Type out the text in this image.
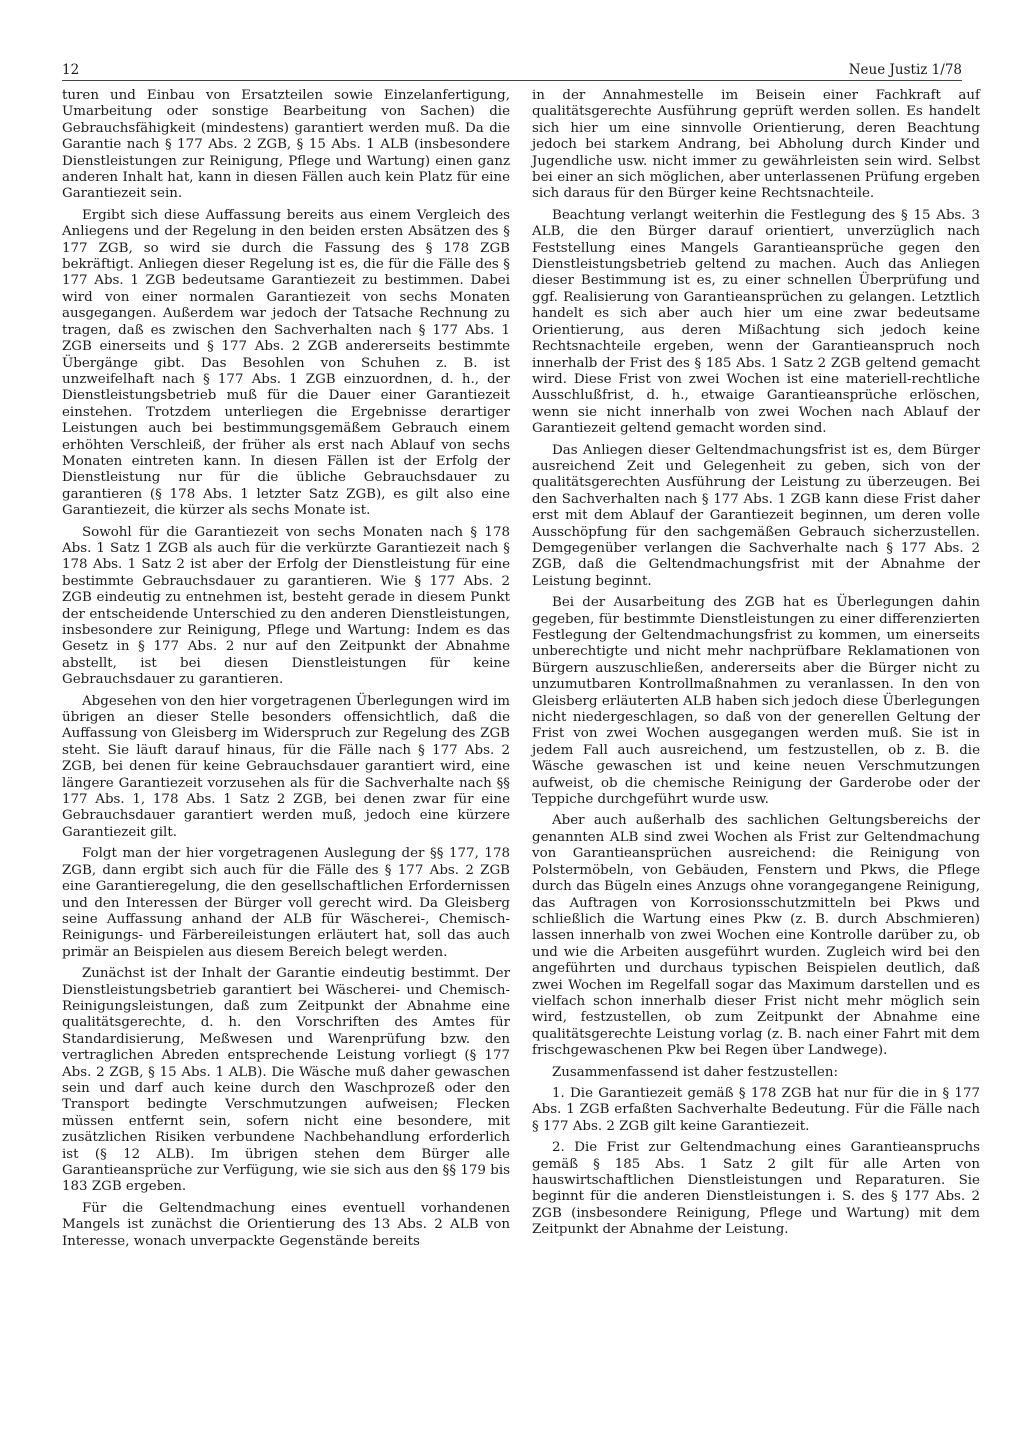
12	Neue Justiz 1/78

turen und Einbau von Ersatzteilen sowie Einzelanfertigung, Umarbeitung oder sonstige Bearbeitung von Sachen) die Gebrauchsfähigkeit (mindestens) garantiert werden muß. Da die Garantie nach § 177 Abs. 2 ZGB, § 15 Abs. 1 ALB (insbesondere Dienstleistungen zur Reinigung, Pflege und Wartung) einen ganz anderen Inhalt hat, kann in diesen Fällen auch kein Platz für eine Garantiezeit sein.

Ergibt sich diese Auffassung bereits aus einem Vergleich des Anliegens und der Regelung in den beiden ersten Absätzen des § 177 ZGB, so wird sie durch die Fassung des § 178 ZGB bekräftigt. Anliegen dieser Regelung ist es, die für die Fälle des § 177 Abs. 1 ZGB bedeutsame Garantiezeit zu bestimmen. Dabei wird von einer normalen Garantiezeit von sechs Monaten ausgegangen. Außerdem war jedoch der Tatsache Rechnung zu tragen, daß es zwischen den Sachverhalten nach § 177 Abs. 1 ZGB einerseits und § 177 Abs. 2 ZGB andererseits bestimmte Übergänge gibt. Das Besohlen von Schuhen z. B. ist unzweifelhaft nach § 177 Abs. 1 ZGB einzuordnen, d. h., der Dienstleistungsbetrieb muß für die Dauer einer Garantiezeit einstehen. Trotzdem unterliegen die Ergebnisse derartiger Leistungen auch bei bestimmungsgemäßem Gebrauch einem erhöhten Verschleiß, der früher als erst nach Ablauf von sechs Monaten eintreten kann. In diesen Fällen ist der Erfolg der Dienstleistung nur für die übliche Gebrauchsdauer zu garantieren (§ 178 Abs. 1 letzter Satz ZGB), es gilt also eine Garantiezeit, die kürzer als sechs Monate ist.

Sowohl für die Garantiezeit von sechs Monaten nach § 178 Abs. 1 Satz 1 ZGB als auch für die verkürzte Garantiezeit nach § 178 Abs. 1 Satz 2 ist aber der Erfolg der Dienstleistung für eine bestimmte Gebrauchsdauer zu garantieren. Wie § 177 Abs. 2 ZGB eindeutig zu entnehmen ist, besteht gerade in diesem Punkt der entscheidende Unterschied zu den anderen Dienstleistungen, insbesondere zur Reinigung, Pflege und Wartung: Indem es das Gesetz in § 177 Abs. 2 nur auf den Zeitpunkt der Abnahme abstellt, ist bei diesen Dienstleistungen für keine Gebrauchsdauer zu garantieren.

Abgesehen von den hier vorgetragenen Überlegungen wird im übrigen an dieser Stelle besonders offensichtlich, daß die Auffassung von Gleisberg im Widerspruch zur Regelung des ZGB steht. Sie läuft darauf hinaus, für die Fälle nach § 177 Abs. 2 ZGB, bei denen für keine Gebrauchsdauer garantiert wird, eine längere Garantiezeit vorzusehen als für die Sachverhalte nach §§ 177 Abs. 1, 178 Abs. 1 Satz 2 ZGB, bei denen zwar für eine Gebrauchsdauer garantiert werden muß, jedoch eine kürzere Garantiezeit gilt.

Folgt man der hier vorgetragenen Auslegung der §§ 177, 178 ZGB, dann ergibt sich auch für die Fälle des § 177 Abs. 2 ZGB eine Garantieregelung, die den gesellschaftlichen Erfordernissen und den Interessen der Bürger voll gerecht wird. Da Gleisberg seine Auffassung anhand der ALB für Wäscherei-, Chemisch-Reinigungs- und Färbereileistungen erläutert hat, soll das auch primär an Beispielen aus diesem Bereich belegt werden.

Zunächst ist der Inhalt der Garantie eindeutig bestimmt. Der Dienstleistungsbetrieb garantiert bei Wäscherei- und Chemisch-Reinigungsleistungen, daß zum Zeitpunkt der Abnahme eine qualitätsgerechte, d. h. den Vorschriften des Amtes für Standardisierung, Meßwesen und Warenprüfung bzw. den vertraglichen Abreden entsprechende Leistung vorliegt (§ 177 Abs. 2 ZGB, § 15 Abs. 1 ALB). Die Wäsche muß daher gewaschen sein und darf auch keine durch den Waschprozeß oder den Transport bedingte Verschmutzungen aufweisen; Flecken müssen entfernt sein, sofern nicht eine besondere, mit zusätzlichen Risiken verbundene Nachbehandlung erforderlich ist (§ 12 ALB). Im übrigen stehen dem Bürger alle Garantieansprüche zur Verfügung, wie sie sich aus den §§ 179 bis 183 ZGB ergeben.

Für die Geltendmachung eines eventuell vorhandenen Mangels ist zunächst die Orientierung des 13 Abs. 2 ALB von Interesse, wonach unverpackte Gegenstände bereits

in der Annahmestelle im Beisein einer Fachkraft auf qualitätsgerechte Ausführung geprüft werden sollen. Es handelt sich hier um eine sinnvolle Orientierung, deren Beachtung jedoch bei starkem Andrang, bei Abholung durch Kinder und Jugendliche usw. nicht immer zu gewährleisten sein wird. Selbst bei einer an sich möglichen, aber unterlassenen Prüfung ergeben sich daraus für den Bürger keine Rechtsnachteile.

Beachtung verlangt weiterhin die Festlegung des § 15 Abs. 3 ALB, die den Bürger darauf orientiert, unverzüglich nach Feststellung eines Mangels Garantieansprüche gegen den Dienstleistungsbetrieb geltend zu machen. Auch das Anliegen dieser Bestimmung ist es, zu einer schnellen Überprüfung und ggf. Realisierung von Garantieansprüchen zu gelangen. Letztlich handelt es sich aber auch hier um eine zwar bedeutsame Orientierung, aus deren Mißachtung sich jedoch keine Rechtsnachteile ergeben, wenn der Garantieanspruch noch innerhalb der Frist des § 185 Abs. 1 Satz 2 ZGB geltend gemacht wird. Diese Frist von zwei Wochen ist eine materiell-rechtliche Ausschlußfrist, d. h., etwaige Garantieansprüche erlöschen, wenn sie nicht innerhalb von zwei Wochen nach Ablauf der Garantiezeit geltend gemacht worden sind.

Das Anliegen dieser Geltendmachungsfrist ist es, dem Bürger ausreichend Zeit und Gelegenheit zu geben, sich von der qualitätsgerechten Ausführung der Leistung zu überzeugen. Bei den Sachverhalten nach § 177 Abs. 1 ZGB kann diese Frist daher erst mit dem Ablauf der Garantiezeit beginnen, um deren volle Ausschöpfung für den sachgemäßen Gebrauch sicherzustellen. Demgegenüber verlangen die Sachverhalte nach § 177 Abs. 2 ZGB, daß die Geltendmachungsfrist mit der Abnahme der Leistung beginnt.

Bei der Ausarbeitung des ZGB hat es Überlegungen dahin gegeben, für bestimmte Dienstleistungen zu einer differenzierten Festlegung der Geltendmachungsfrist zu kommen, um einerseits unberechtigte und nicht mehr nachprüfbare Reklamationen von Bürgern auszuschließen, andererseits aber die Bürger nicht zu unzumutbaren Kontrollmaßnahmen zu veranlassen. In den von Gleisberg erläuterten ALB haben sich jedoch diese Überlegungen nicht niedergeschlagen, so daß von der generellen Geltung der Frist von zwei Wochen ausgegangen werden muß. Sie ist in jedem Fall auch ausreichend, um festzustellen, ob z. B. die Wäsche gewaschen ist und keine neuen Verschmutzungen aufweist, ob die chemische Reinigung der Garderobe oder der Teppiche durchgeführt wurde usw.

Aber auch außerhalb des sachlichen Geltungsbereichs der genannten ALB sind zwei Wochen als Frist zur Geltendmachung von Garantieansprüchen ausreichend: die Reinigung von Polstermöbeln, von Gebäuden, Fenstern und Pkws, die Pflege durch das Bügeln eines Anzugs ohne vorangegangene Reinigung, das Auftragen von Korrosionsschutzmitteln bei Pkws und schließlich die Wartung eines Pkw (z. B. durch Abschmieren) lassen innerhalb von zwei Wochen eine Kontrolle darüber zu, ob und wie die Arbeiten ausgeführt wurden. Zugleich wird bei den angeführten und durchaus typischen Beispielen deutlich, daß zwei Wochen im Regelfall sogar das Maximum darstellen und es vielfach schon innerhalb dieser Frist nicht mehr möglich sein wird, festzustellen, ob zum Zeitpunkt der Abnahme eine qualitätsgerechte Leistung vorlag (z. B. nach einer Fahrt mit dem frischgewaschenen Pkw bei Regen über Landwege).

Zusammenfassend ist daher festzustellen:

1. Die Garantiezeit gemäß § 178 ZGB hat nur für die in § 177 Abs. 1 ZGB erfaßten Sachverhalte Bedeutung. Für die Fälle nach § 177 Abs. 2 ZGB gilt keine Garantiezeit.

2. Die Frist zur Geltendmachung eines Garantieanspruchs gemäß § 185 Abs. 1 Satz 2 gilt für alle Arten von hauswirtschaftlichen Dienstleistungen und Reparaturen. Sie beginnt für die anderen Dienstleistungen i. S. des § 177 Abs. 2 ZGB (insbesondere Reinigung, Pflege und Wartung) mit dem Zeitpunkt der Abnahme der Leistung.
